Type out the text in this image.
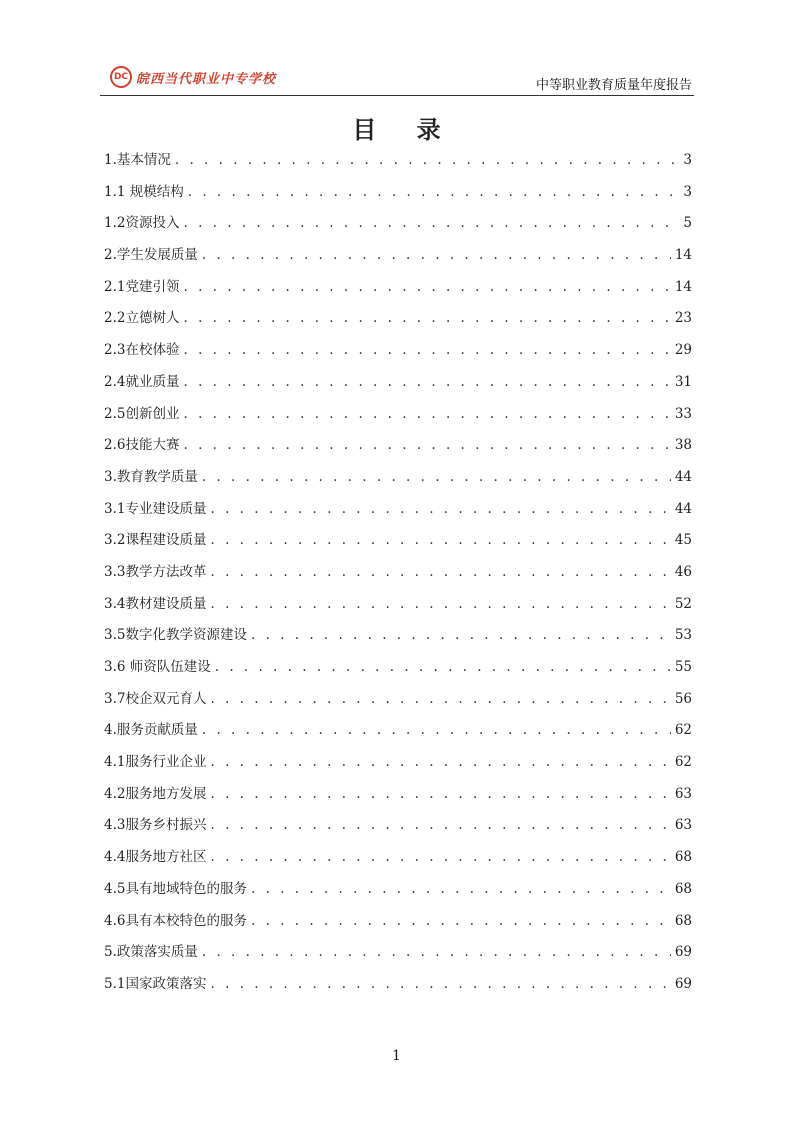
DC 皖西当代职业中专学校	中等职业教育质量年度报告
目 录
1.基本情况 . . .	3
1.1 规模结构 . . .	3
1.2资源投入 . . .	5
2.学生发展质量 . . .	14
2.1党建引领 . . .	14
2.2立德树人 . . .	23
2.3在校体验 . . .	29
2.4就业质量 . . .	31
2.5创新创业 . . .	33
2.6技能大赛 . . .	38
3.教育教学质量 . . .	44
3.1专业建设质量 . . .	44
3.2课程建设质量 . . .	45
3.3教学方法改革 . . .	46
3.4教材建设质量 . . .	52
3.5数字化教学资源建设 . . .	53
3.6 师资队伍建设 . . .	55
3.7校企双元育人 . . .	56
4.服务贡献质量 . . .	62
4.1服务行业企业 . . .	62
4.2服务地方发展 . . .	63
4.3服务乡村振兴 . . .	63
4.4服务地方社区 . . .	68
4.5具有地域特色的服务 . . .	68
4.6具有本校特色的服务 . . .	68
5.政策落实质量 . . .	69
5.1国家政策落实 . . .	69
1
